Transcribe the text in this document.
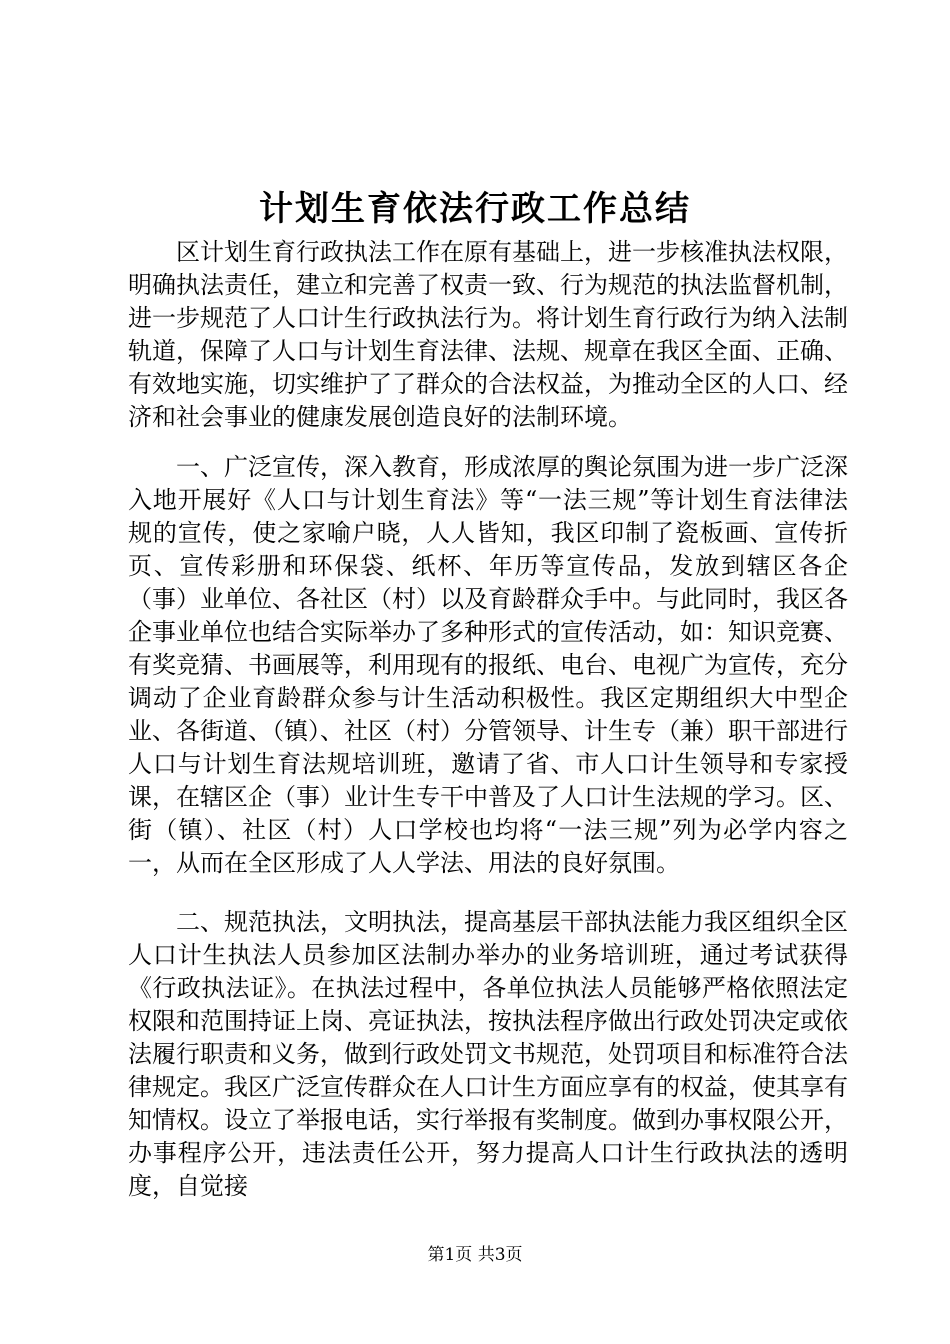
计划生育依法行政工作总结

区计划生育行政执法工作在原有基础上，进一步核准执法权限，明确执法责任，建立和完善了权责一致、行为规范的执法监督机制，进一步规范了人口计生行政执法行为。将计划生育行政行为纳入法制轨道，保障了人口与计划生育法律、法规、规章在我区全面、正确、有效地实施，切实维护了了群众的合法权益，为推动全区的人口、经济和社会事业的健康发展创造良好的法制环境。

一、广泛宣传，深入教育，形成浓厚的舆论氛围为进一步广泛深入地开展好《人口与计划生育法》等“一法三规”等计划生育法律法规的宣传，使之家喻户晓，人人皆知，我区印制了瓷板画、宣传折页、宣传彩册和环保袋、纸杯、年历等宣传品，发放到辖区各企（事）业单位、各社区（村）以及育龄群众手中。与此同时，我区各企事业单位也结合实际举办了多种形式的宣传活动，如：知识竞赛、有奖竞猜、书画展等，利用现有的报纸、电台、电视广为宣传，充分调动了企业育龄群众参与计生活动积极性。我区定期组织大中型企业、各街道、（镇）、社区（村）分管领导、计生专（兼）职干部进行人口与计划生育法规培训班，邀请了省、市人口计生领导和专家授课，在辖区企（事）业计生专干中普及了人口计生法规的学习。区、街（镇）、社区（村）人口学校也均将“一法三规”列为必学内容之一，从而在全区形成了人人学法、用法的良好氛围。

二、规范执法，文明执法，提高基层干部执法能力我区组织全区人口计生执法人员参加区法制办举办的业务培训班，通过考试获得《行政执法证》。在执法过程中，各单位执法人员能够严格依照法定权限和范围持证上岗、亮证执法，按执法程序做出行政处罚决定或依法履行职责和义务，做到行政处罚文书规范，处罚项目和标准符合法律规定。我区广泛宣传群众在人口计生方面应享有的权益，使其享有知情权。设立了举报电话，实行举报有奖制度。做到办事权限公开，办事程序公开，违法责任公开，努力提高人口计生行政执法的透明度，自觉接

第1页 共3页
